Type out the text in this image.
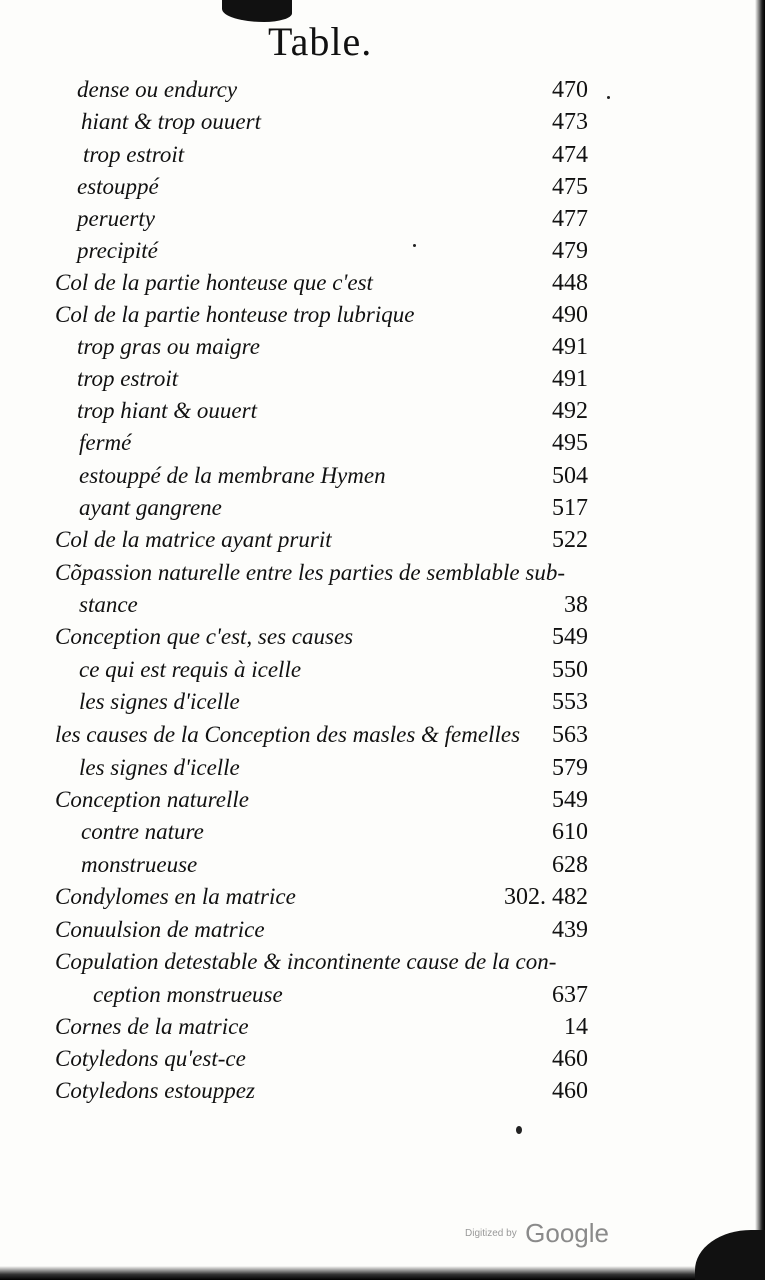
Table.
dense ou endurcy	470
hiant & trop ouuert	473
trop estroit	474
estouppé	475
peruerty	477
precipité	479
Col de la partie honteuse que c'est	448
Col de la partie honteuse trop lubrique	490
trop gras ou maigre	491
trop estroit	491
trop hiant & ouuert	492
fermé	495
estouppé de la membrane Hymen	504
ayant gangrene	517
Col de la matrice ayant prurit	522
Cõpassion naturelle entre les parties de semblable sub-
stance	38
Conception que c'est, ses causes	549
ce qui est requis à icelle	550
les signes d'icelle	553
les causes de la Conception des masles & femelles 563
les signes d'icelle	579
Conception naturelle	549
contre nature	610
monstrueuse	628
Condylomes en la matrice	302. 482
Conuulsion de matrice	439
Copulation detestable & incontinente cause de la con-
ception monstrueuse	637
Cornes de la matrice	14
Cotyledons qu'est-ce	460
Cotyledons estouppez	460
Digitized by Google
